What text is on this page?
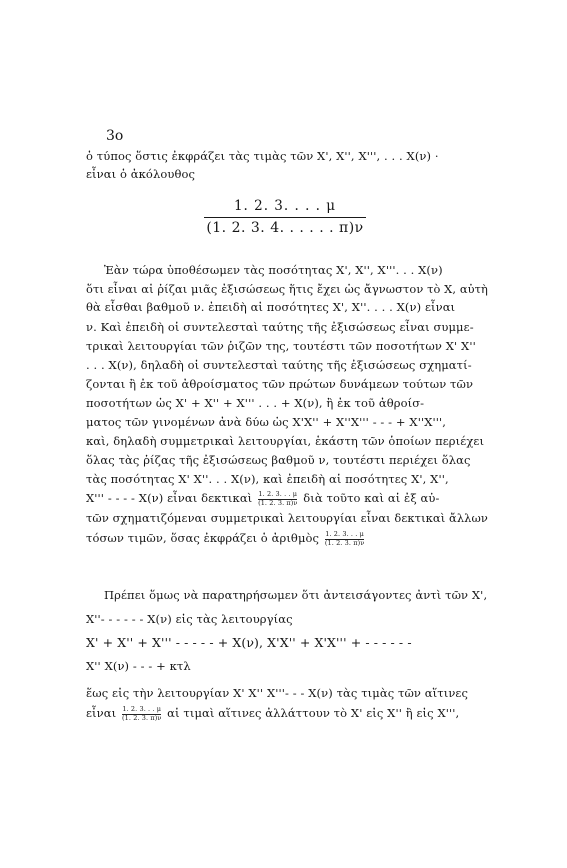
3o
ὁ τύπος ὅστις ἐκφράζει τὰς τιμὰς τῶν X', X'', X''', . . . X(ν) ·
εἶναι ὁ ἀκόλουθος
1. 2. 3. . . . μ
(1. 2. 3. 4. . . . . . π)ν
Ἐὰν τώρα ὑποθέσωμεν τὰς ποσότητας X', X'', X'''. . . X(ν)
ὅτι εἶναι αἱ ῥίζαι μιᾶς ἐξισώσεως ἥτις ἔχει ὡς ἄγνωστον τὸ X, αὐτὴ
θὰ εἶσθαι βαθμοῦ ν. ἐπειδὴ αἱ ποσότητες X', X''. . . . X(ν) εἶναι
ν. Καὶ ἐπειδὴ οἱ συντελεσταὶ ταύτης τῆς ἐξισώσεως εἶναι συμμε-
τρικαὶ λειτουργίαι τῶν ῥιζῶν της, τουτέστι τῶν ποσοτήτων X' X''
. . . X(ν), δηλαδὴ οἱ συντελεσταὶ ταύτης τῆς ἐξισώσεως σχηματί-
ζονται ἢ ἐκ τοῦ ἀθροίσματος τῶν πρώτων δυνάμεων τούτων τῶν
ποσοτήτων ὡς X' + X'' + X''' . . . + X(ν), ἢ ἐκ τοῦ ἀθροίσ-
ματος τῶν γινομένων ἀνὰ δύω ὡς X'X'' + X''X''' - - - + X''X''',
καὶ, δηλαδὴ συμμετρικαὶ λειτουργίαι, ἑκάστη τῶν ὁποίων περιέχει
ὅλας τὰς ῥίζας τῆς ἐξισώσεως βαθμοῦ ν, τουτέστι περιέχει ὅλας
τὰς ποσότητας X' X''. . . X(ν), καὶ ἐπειδὴ αἱ ποσότητες X', X'',
X''' - - - - X(ν) εἶναι δεκτικαὶ $\frac{1. 2. 3. . . \mu}{(1. 2. 3. \pi)\nu}$ διὰ τοῦτο καὶ αἱ ἐξ αὐ-
τῶν σχηματιζόμεναι συμμετρικαὶ λειτουργίαι εἶναι δεκτικαὶ ἄλλων
τόσων τιμῶν, ὅσας ἐκφράζει ὁ ἀριθμὸς $\frac{1. 2. 3. . . \mu}{(1. 2. 3. \pi)\nu}$
Πρέπει ὅμως νὰ παρατηρήσωμεν ὅτι ἀντεισάγοντες ἀντὶ τῶν X',
X''- - - - - - X(ν) εἰς τὰς λειτουργίας
X' + X'' + X''' - - - - - + X(ν), X'X'' + X'X''' + - - - - - -
X'' X(ν) - - - + κτλ
ἕως εἰς τὴν λειτουργίαν X' X'' X'''- - - X(ν) τὰς τιμὰς τῶν αἵτινες
εἶναι $\frac{1. 2. 3. . . \mu}{(1. 2. 3. \pi)\nu}$ αἱ τιμαὶ αἵτινες ἀλλάττουν τὸ X' εἰς X'' ἢ εἰς X''',
